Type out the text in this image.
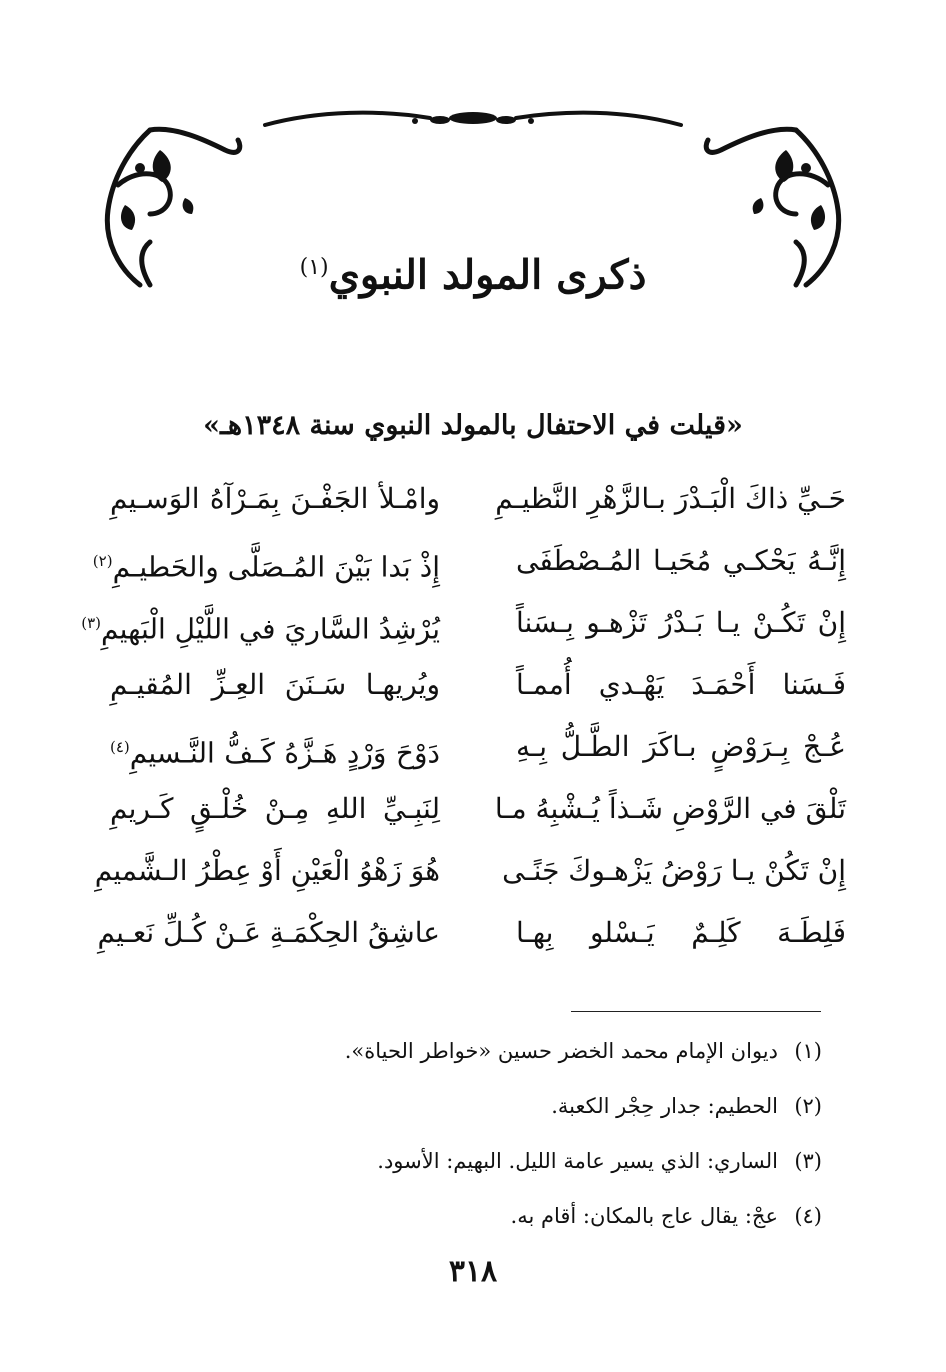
ذكرى المولد النبوي$^{(١)}$
«قيلت في الاحتفال بالمولد النبوي سنة ١٣٤٨هـ»
حَـيِّ ذاكَ الْبَـدْرَ بـالزَّهْرِ النَّظيـمِ
وامْـلأ الجَفْـنَ بِمَـرْآهُ الوَسـيمِ
إِنَّـهُ يَحْكـي مُحَيـا المُـصْطَفَى
إِذْ بَدا بَيْنَ المُـصَلَّى والحَطيـمِ$^{(٢)}$
إِنْ تَكُـنْ يـا بَـدْرُ تَزْهـو بِـسَناً
يُرْشِدُ السَّاريَ في اللَّيْلِ الْبَهيمِ$^{(٣)}$
فَـسَنا أَحْمَـدَ يَهْـدي أُممـاً
ويُريهـا سَـنَنَ العِـزِّ المُقيـمِ
عُـجْ بِـرَوْضٍ بـاكَرَ الطَّـلُّ بِـهِ
دَوْحَ وَرْدٍ هَـزَّهُ كَـفُّ النَّـسيمِ$^{(٤)}$
تَلْقَ في الرَّوْضِ شَـذاً يُـشْبِهُ مـا
لِنَبِـيِّ اللهِ مِـنْ خُلْـقٍ كَـريمِ
إِنْ تَكُنْ يـا رَوْضُ يَزْهـوكَ جَنًـى
هُوَ زَهْوُ الْعَيْنِ أَوْ عِطْرُ الـشَّميمِ
فَلِطَـهَ كَلِـمٌ يَـسْلو بِهـا
عاشِقُ الحِكْمَـةِ عَـنْ كُـلِّ نَعـيمِ
(١)ديوان الإمام محمد الخضر حسين «خواطر الحياة».
(٢)الحطيم: جدار حِجْر الكعبة.
(٣)الساري: الذي يسير عامة الليل. البهيم: الأسود.
(٤)عجْ: يقال عاج بالمكان: أقام به.
٣١٨
